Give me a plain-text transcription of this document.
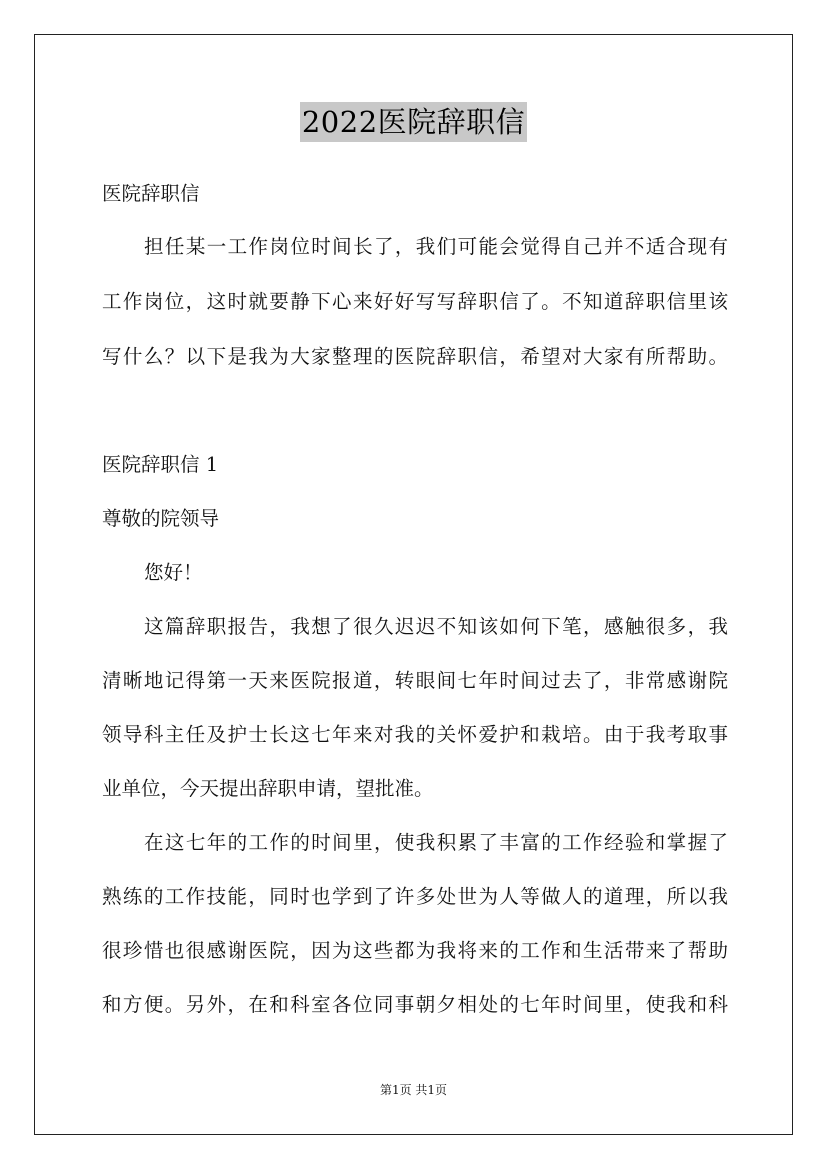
2022医院辞职信
医院辞职信
担任某一工作岗位时间长了，我们可能会觉得自己并不适合现有
工作岗位，这时就要静下心来好好写写辞职信了。不知道辞职信里该
写什么？以下是我为大家整理的医院辞职信，希望对大家有所帮助。
医院辞职信 1
尊敬的院领导
您好！
这篇辞职报告，我想了很久迟迟不知该如何下笔，感触很多，我
清晰地记得第一天来医院报道，转眼间七年时间过去了，非常感谢院
领导科主任及护士长这七年来对我的关怀爱护和栽培。由于我考取事
业单位，今天提出辞职申请，望批准。
在这七年的工作的时间里，使我积累了丰富的工作经验和掌握了
熟练的工作技能，同时也学到了许多处世为人等做人的道理，所以我
很珍惜也很感谢医院，因为这些都为我将来的工作和生活带来了帮助
和方便。另外，在和科室各位同事朝夕相处的七年时间里，使我和科
第1页 共1页
